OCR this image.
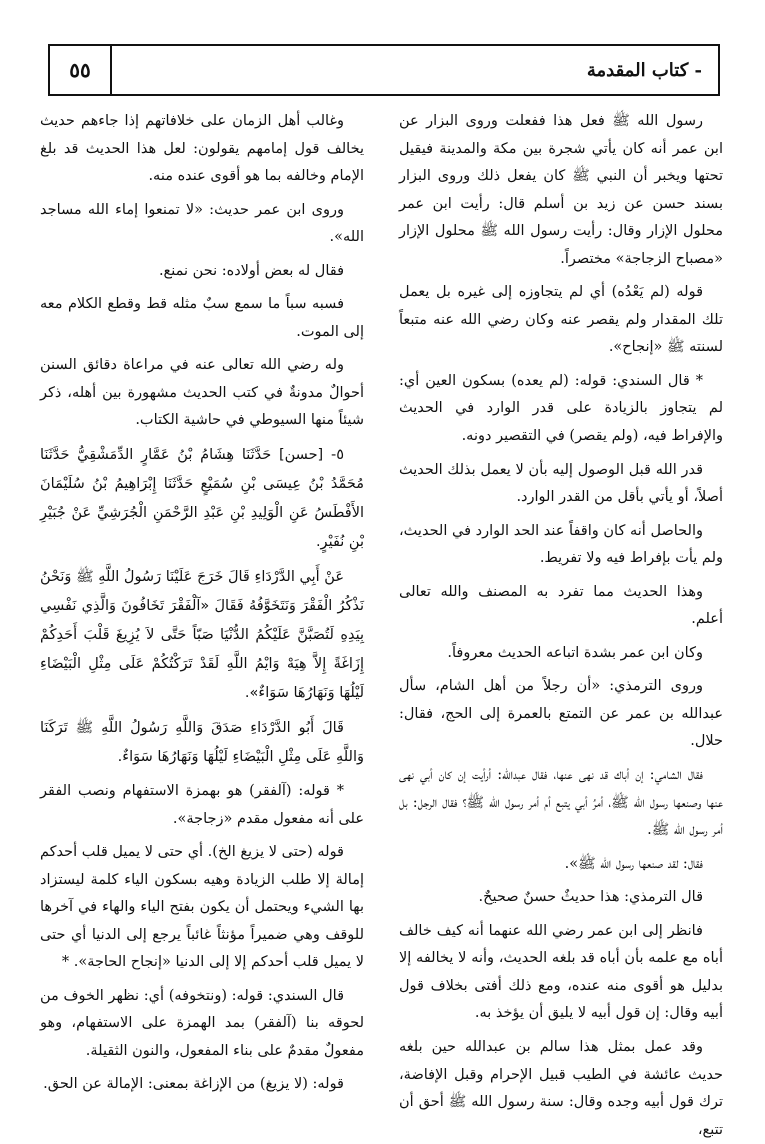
٥٥	- كتاب المقدمة

رسول الله ﷺ فعل هذا ففعلت وروى البزار عن ابن عمر أنه كان يأتي شجرة بين مكة والمدينة فيقيل تحتها ويخبر أن النبي ﷺ كان يفعل ذلك وروى البزار بسند حسن عن زيد بن أسلم قال: رأيت ابن عمر محلول الإزار وقال: رأيت رسول الله ﷺ محلول الإزار «مصباح الزجاجة» مختصراً.

قوله (لم يَعْدُه) أي لم يتجاوزه إلى غيره بل يعمل تلك المقدار ولم يقصر عنه وكان رضي الله عنه متبعاً لسنته ﷺ «إنجاح».

* قال السندي: قوله: (لم يعده) بسكون العين أي: لم يتجاوز بالزيادة على قدر الوارد في الحديث والإفراط فيه، (ولم يقصر) في التقصير دونه.

قدر الله قبل الوصول إليه بأن لا يعمل بذلك الحديث أصلاً، أو يأتي بأقل من القدر الوارد.

والحاصل أنه كان واقفاً عند الحد الوارد في الحديث، ولم يأت بإفراط فيه ولا تفريط.

وهذا الحديث مما تفرد به المصنف والله تعالى أعلم.

وكان ابن عمر بشدة اتباعه الحديث معروفاً.

وروى الترمذي: «أن رجلاً من أهل الشام، سأل عبدالله بن عمر عن التمتع بالعمرة إلى الحج، فقال: حلال.

فقال الشامي: إن أباك قد نهى عنها، فقال عبدالله: أرأيت إن كان أبي نهى عنها وصنعها رسول الله ﷺ، أمرُ أبي يتبع أم أمر رسول الله ﷺ؟ فقال الرجل: بل أمر رسول الله ﷺ.

فقال: لقد صنعها رسول الله ﷺ».

قال الترمذي: هذا حديثٌ حسنٌ صحيحٌ.

فانظر إلى ابن عمر رضي الله عنهما أنه كيف خالف أباه مع علمه بأن أباه قد بلغه الحديث، وأنه لا يخالفه إلا بدليل هو أقوى منه عنده، ومع ذلك أفتى بخلاف قول أبيه وقال: إن قول أبيه لا يليق أن يؤخذ به.

وقد عمل بمثل هذا سالم بن عبدالله حين بلغه حديث عائشة في الطيب قبيل الإحرام وقبل الإفاضة، ترك قول أبيه وجده وقال: سنة رسول الله ﷺ أحق أن تتبع،

وغالب أهل الزمان على خلافاتهم إذا جاءهم حديث يخالف قول إمامهم يقولون: لعل هذا الحديث قد بلغ الإمام وخالفه بما هو أقوى عنده منه.

وروى ابن عمر حديث: «لا تمنعوا إماء الله مساجد الله».

فقال له بعض أولاده: نحن نمنع.

فسبه سباً ما سمع سبٌ مثله قط وقطع الكلام معه إلى الموت.

وله رضي الله تعالى عنه في مراعاة دقائق السنن أحوالٌ مدونةٌ في كتب الحديث مشهورة بين أهله، ذكر شيئاً منها السيوطي في حاشية الكتاب.

٥- [حسن] حَدَّثَنَا هِشَامُ بْنُ عَمَّارٍ الدِّمَشْقِيُّ حَدَّثَنَا مُحَمَّدُ بْنُ عِيسَى بْنِ سُمَيْعٍ حَدَّثَنَا إِبْرَاهِيمُ بْنُ سُلَيْمَانَ الأَفْطَسُ عَنِ الْوَلِيدِ بْنِ عَبْدِ الرَّحْمَنِ الْجُرَشِيِّ عَنْ جُبَيْرِ بْنِ نُفَيْرٍ.

عَنْ أَبِي الدَّرْدَاءِ قَالَ خَرَجَ عَلَيْنَا رَسُولُ اللَّهِ ﷺ وَنَحْنُ نَذْكُرُ الْفَقْرَ وَنَتَخَوَّفُهُ فَقَالَ «آلْفَقْرَ تَخَافُونَ وَالَّذِي نَفْسِي بِيَدِهِ لَتُصَبَّنَّ عَلَيْكُمُ الدُّنْيَا صَبّاً حَتَّى لاَ يُزِيغَ قَلْبَ أَحَدِكُمْ إِزَاغَةً إِلاَّ هِيَهْ وَايْمُ اللَّهِ لَقَدْ تَرَكْتُكُمْ عَلَى مِثْلِ الْبَيْضَاءِ لَيْلُهَا وَنَهَارُهَا سَوَاءٌ».

قَالَ أَبُو الدَّرْدَاءِ صَدَقَ وَاللَّهِ رَسُولُ اللَّهِ ﷺ تَرَكَنَا وَاللَّهِ عَلَى مِثْلِ الْبَيْضَاءِ لَيْلُهَا وَنَهَارُهَا سَوَاءٌ.

* قوله: (آلفقر) هو بهمزة الاستفهام ونصب الفقر على أنه مفعول مقدم «زجاجة».

قوله (حتى لا يزيغ الخ). أي حتى لا يميل قلب أحدكم إمالة إلا طلب الزيادة وهيه بسكون الياء كلمة ليستزاد بها الشيء ويحتمل أن يكون بفتح الياء والهاء في آخرها للوقف وهي ضميراً مؤنثاً غائباً يرجع إلى الدنيا أي حتى لا يميل قلب أحدكم إلا إلى الدنيا «إنجاح الحاجة». *

قال السندي: قوله: (ونتخوفه) أي: نظهر الخوف من لحوقه بنا (آلفقر) بمد الهمزة على الاستفهام، وهو مفعولٌ مقدمٌ على بناء المفعول، والنون الثقيلة.

قوله: (لا يزيغ) من الإزاغة بمعنى: الإمالة عن الحق.
